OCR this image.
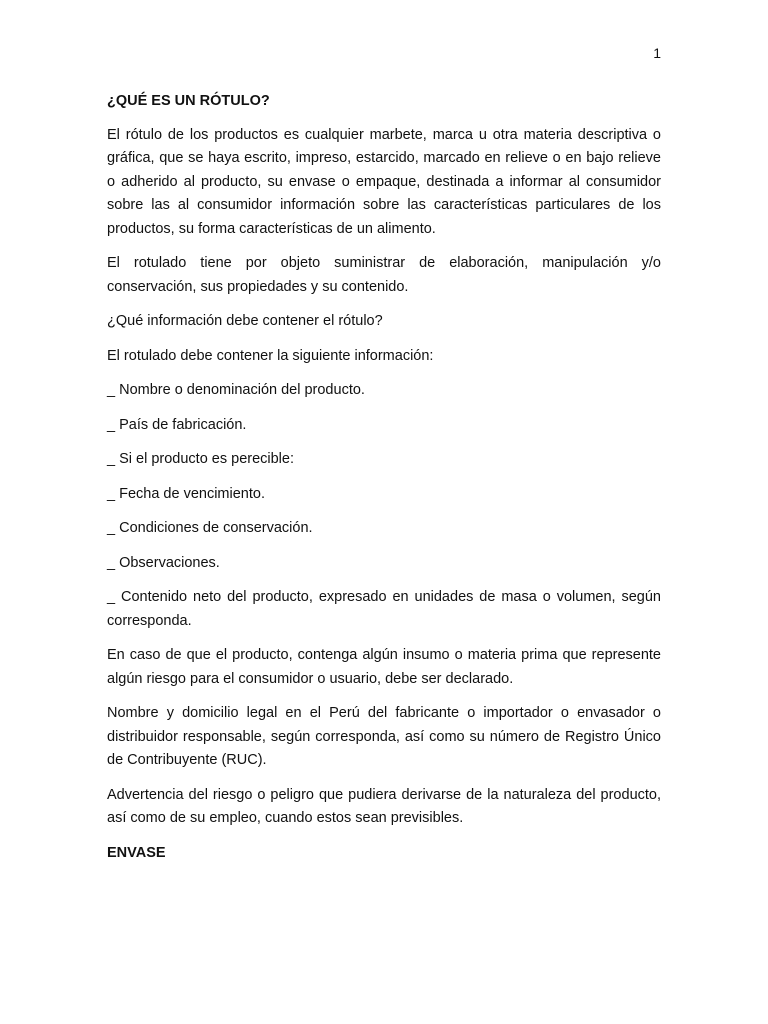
1

¿QUÉ ES UN RÓTULO?

El rótulo de los productos es cualquier marbete, marca u otra materia descriptiva o gráfica, que se haya escrito, impreso, estarcido, marcado en relieve o en bajo relieve o adherido al producto, su envase o empaque, destinada a informar al consumidor sobre las al consumidor información sobre las características particulares de los productos, su forma características de un alimento.

El rotulado tiene por objeto suministrar de elaboración, manipulación y/o conservación, sus propiedades y su contenido.

¿Qué información debe contener el rótulo?

El rotulado debe contener la siguiente información:

_ Nombre o denominación del producto.

_ País de fabricación.

_ Si el producto es perecible:

_ Fecha de vencimiento.

_ Condiciones de conservación.

_ Observaciones.

_ Contenido neto del producto, expresado en unidades de masa o volumen, según corresponda.

En caso de que el producto, contenga algún insumo o materia prima que represente algún riesgo para el consumidor o usuario, debe ser declarado.

Nombre y domicilio legal en el Perú del fabricante o importador o envasador o distribuidor responsable, según corresponda, así como su número de Registro Único de Contribuyente (RUC).

Advertencia del riesgo o peligro que pudiera derivarse de la naturaleza del producto, así como de su empleo, cuando estos sean previsibles.

ENVASE
